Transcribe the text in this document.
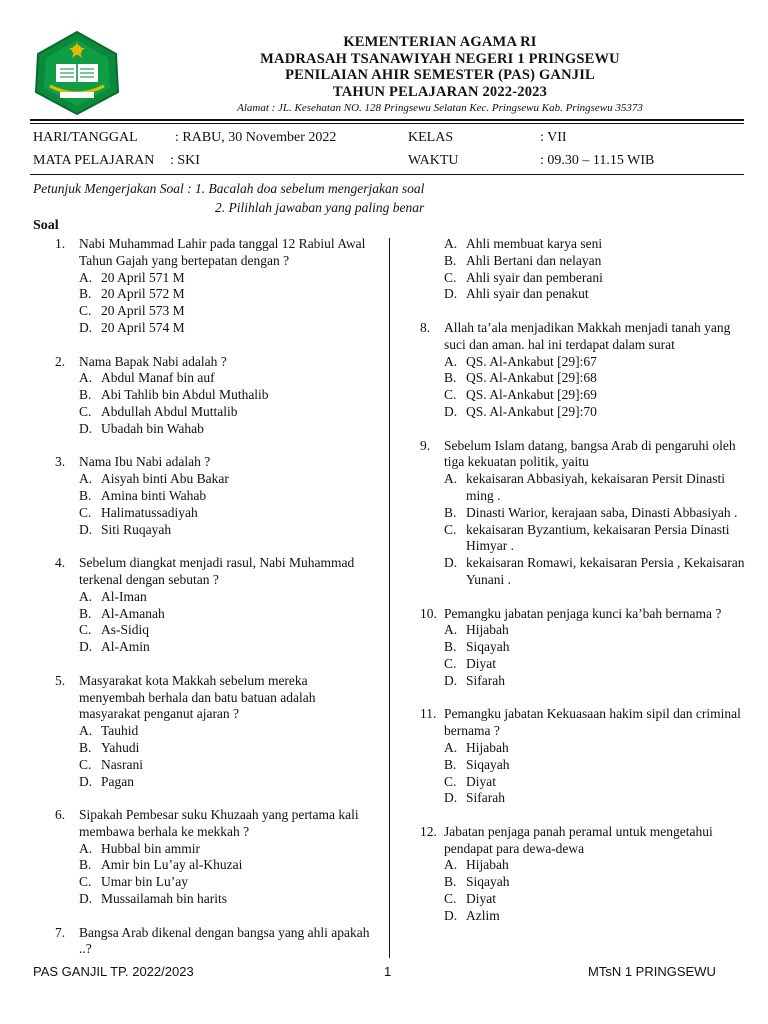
KEMENTERIAN AGAMA RI
MADRASAH TSANAWIYAH NEGERI 1 PRINGSEWU
PENILAIAN AHIR SEMESTER (PAS) GANJIL
TAHUN PELAJARAN 2022-2023
Alamat : JL. Kesehatan NO. 128 Pringsewu Selatan Kec. Pringsewu Kab. Pringsewu 35373
HARI/TANGGAL	: RABU, 30 November 2022	KELAS	: VII
MATA PELAJARAN : SKI	WAKTU	: 09.30 – 11.15 WIB
Petunjuk Mengerjakan Soal : 1. Bacalah doa sebelum mengerjakan soal
2. Pilihlah jawaban yang paling benar
Soal
1. Nabi Muhammad Lahir pada tanggal 12 Rabiul Awal Tahun Gajah yang bertepatan dengan ?
A. 20 April 571 M
B. 20 April 572 M
C. 20 April 573 M
D. 20 April 574 M
2. Nama Bapak Nabi adalah ?
A. Abdul Manaf bin auf
B. Abi Tahlib bin Abdul Muthalib
C. Abdullah Abdul Muttalib
D. Ubadah bin Wahab
3. Nama Ibu Nabi adalah ?
A. Aisyah binti Abu Bakar
B. Amina binti Wahab
C. Halimatussadiyah
D. Siti Ruqayah
4. Sebelum diangkat menjadi rasul, Nabi Muhammad terkenal dengan sebutan ?
A. Al-Iman
B. Al-Amanah
C. As-Sidiq
D. Al-Amin
5. Masyarakat kota Makkah sebelum mereka menyembah berhala dan batu batuan adalah masyarakat penganut ajaran ?
A. Tauhid
B. Yahudi
C. Nasrani
D. Pagan
6. Sipakah Pembesar suku Khuzaah yang pertama kali membawa berhala ke mekkah ?
A. Hubbal bin ammir
B. Amir bin Lu’ay al-Khuzai
C. Umar bin Lu’ay
D. Mussailamah bin harits
7. Bangsa Arab dikenal dengan bangsa yang ahli apakah ..?
A. Ahli membuat karya seni
B. Ahli Bertani dan nelayan
C. Ahli syair dan pemberani
D. Ahli syair dan penakut
8. Allah ta’ala menjadikan Makkah menjadi tanah yang suci dan aman. hal ini terdapat dalam surat
A. QS. Al-Ankabut [29]:67
B. QS. Al-Ankabut [29]:68
C. QS. Al-Ankabut [29]:69
D. QS. Al-Ankabut [29]:70
9. Sebelum Islam datang, bangsa Arab di pengaruhi oleh tiga kekuatan politik, yaitu
A. kekaisaran Abbasiyah, kekaisaran Persit Dinasti ming .
B. Dinasti Warior, kerajaan saba, Dinasti Abbasiyah .
C. kekaisaran Byzantium, kekaisaran Persia Dinasti Himyar .
D. kekaisaran Romawi, kekaisaran Persia , Kekaisaran Yunani .
10. Pemangku jabatan penjaga kunci ka’bah bernama ?
A. Hijabah
B. Siqayah
C. Diyat
D. Sifarah
11. Pemangku jabatan Kekuasaan hakim sipil dan criminal bernama ?
A. Hijabah
B. Siqayah
C. Diyat
D. Sifarah
12. Jabatan penjaga panah peramal untuk mengetahui pendapat para dewa-dewa
A. Hijabah
B. Siqayah
C. Diyat
D. Azlim
PAS GANJIL TP. 2022/2023	1	MTsN 1 PRINGSEWU
